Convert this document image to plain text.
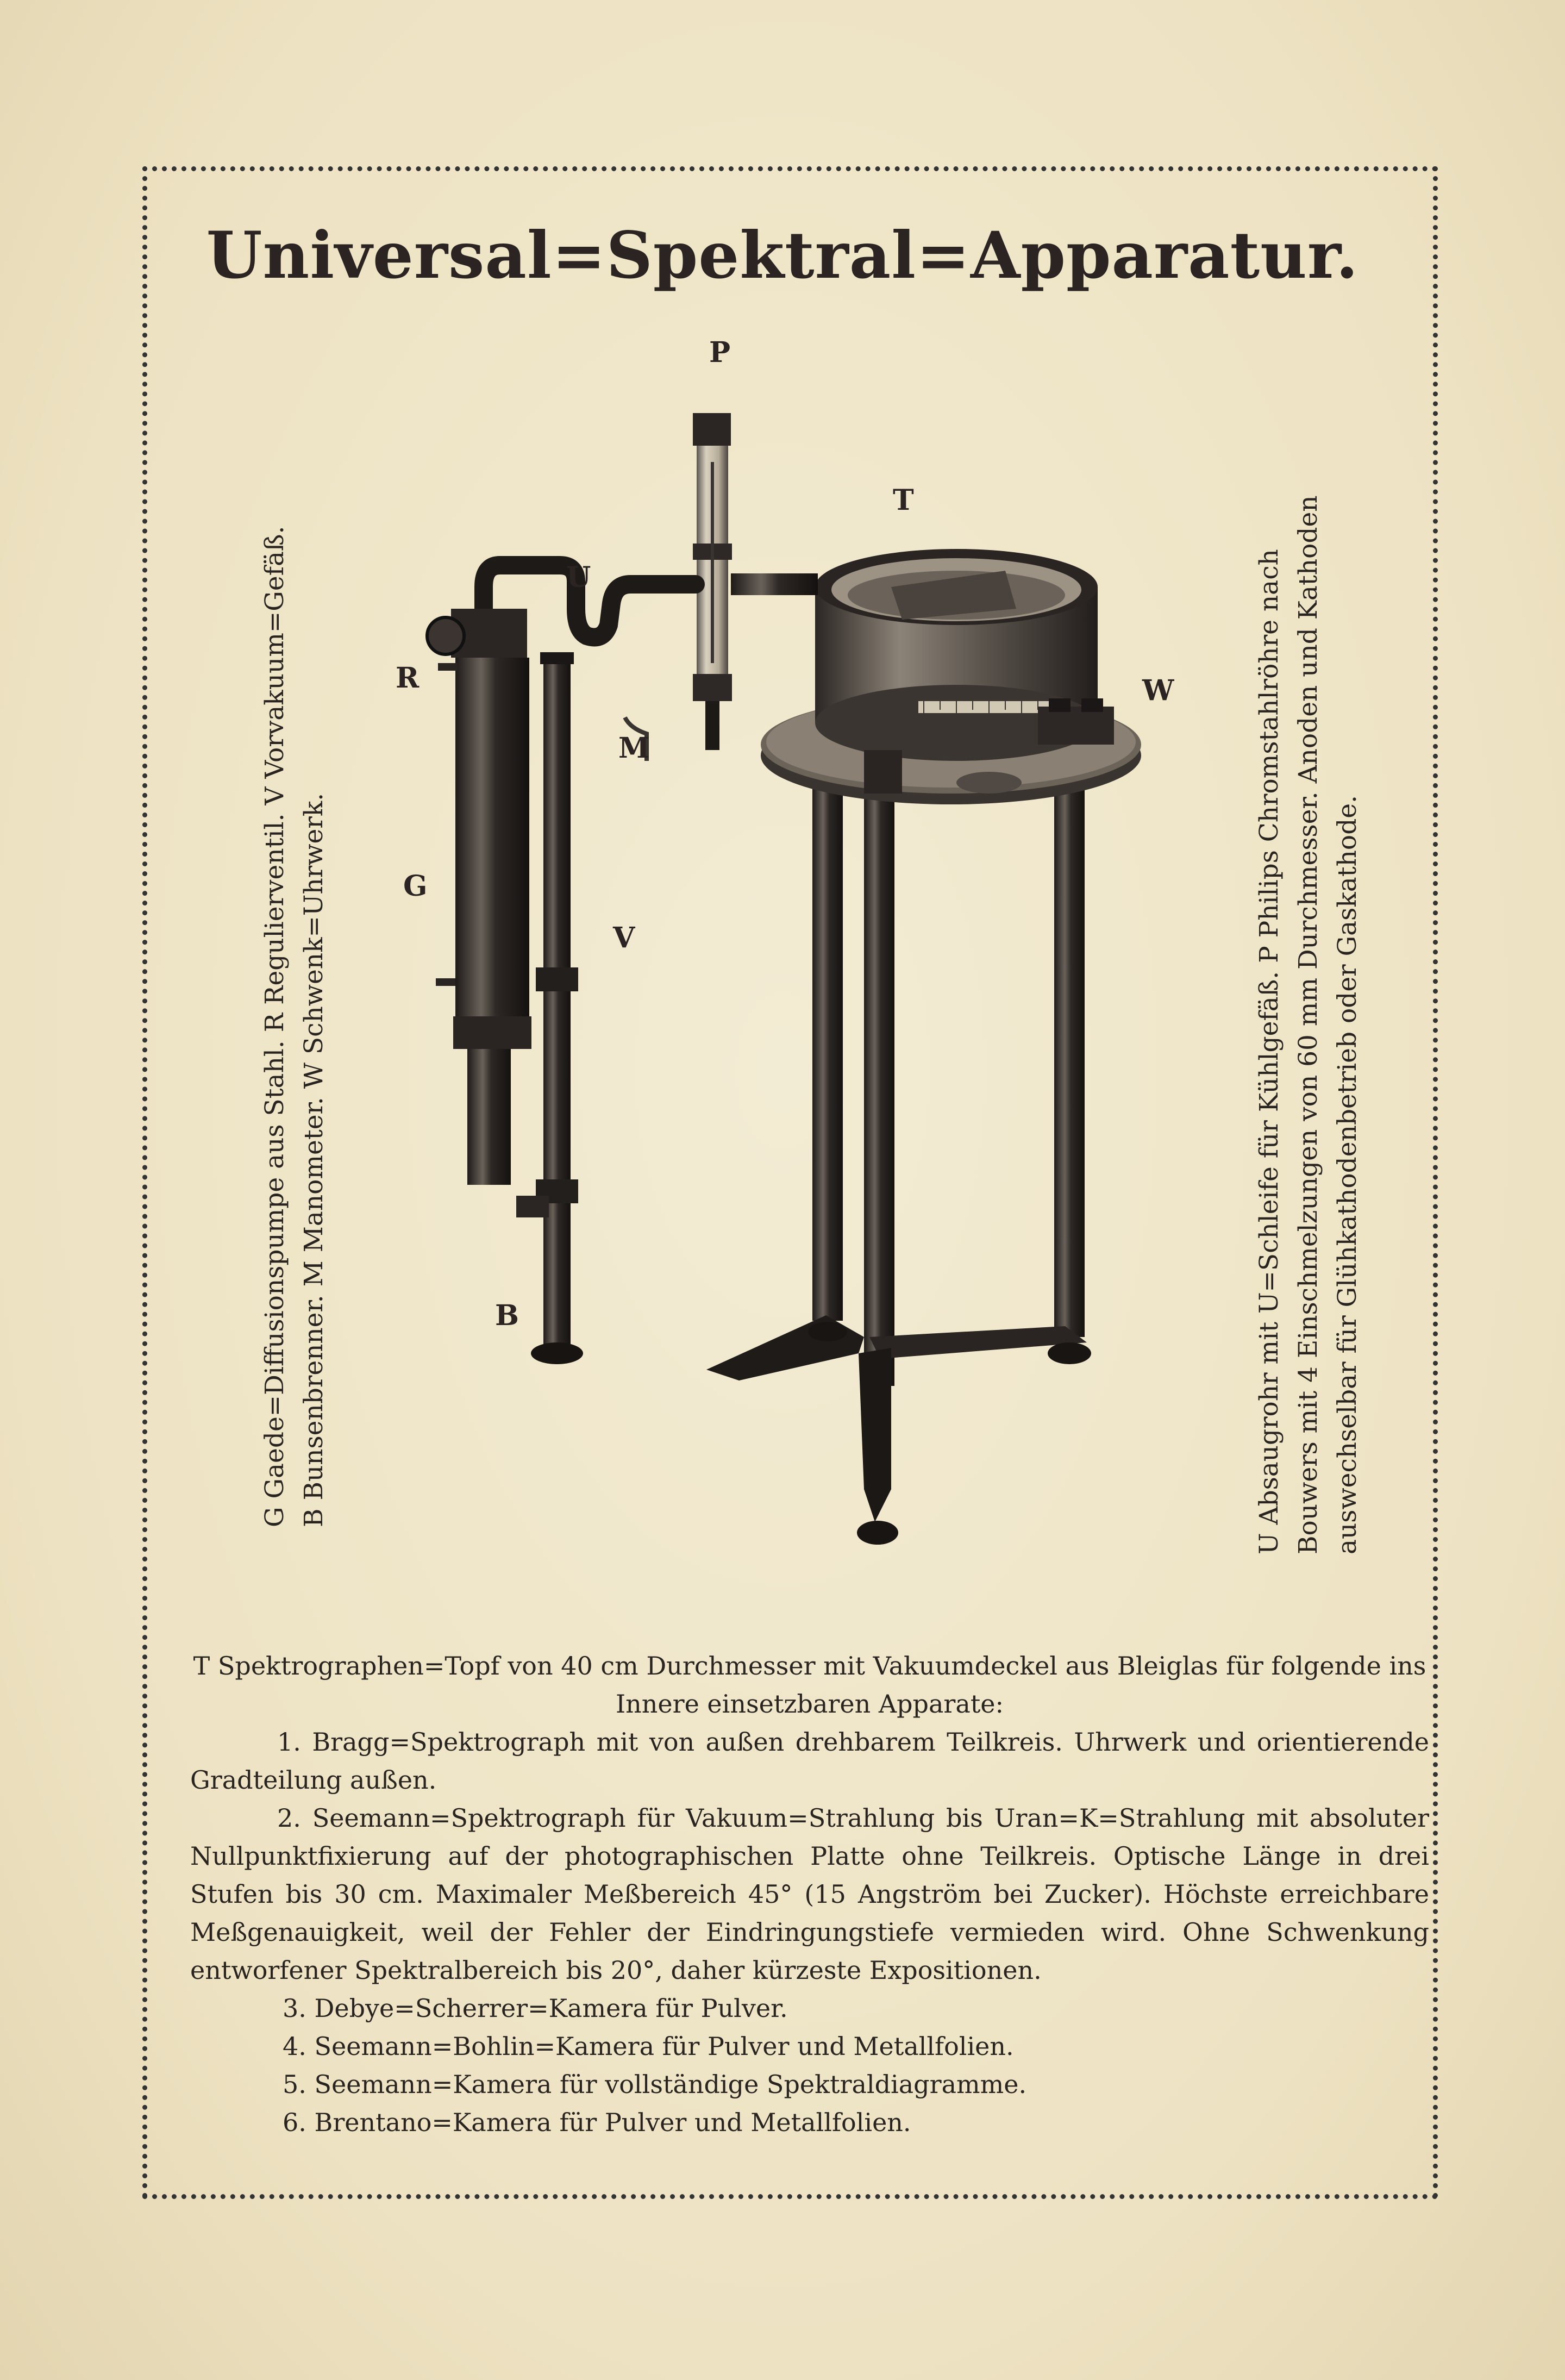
Universal=Spektral=Apparatur.
P
T
U
R
M
W
G
V
B
G Gaede=Diffusionspumpe aus Stahl. R Regulierventil. V Vorvakuum=Gefäß. B Bunsenbrenner. M Manometer. W Schwenk=Uhrwerk.	U Absaugrohr mit U=Schleife für Kühlgefäß. P Philips Chromstahlröhre nach Bouwers mit 4 Einschmelzungen von 60 mm Durchmesser. Anoden und Kathoden auswechselbar für Glühkathodenbetrieb oder Gaskathode.

T Spektrographen=Topf von 40 cm Durchmesser mit Vakuumdeckel aus Bleiglas für folgende ins Innere einsetzbaren Apparate:

1. Bragg=Spektrograph mit von außen drehbarem Teilkreis. Uhrwerk und orientierende Gradteilung außen.

2. Seemann=Spektrograph für Vakuum=Strahlung bis Uran=K=Strahlung mit absoluter Nullpunktfixierung auf der photographischen Platte ohne Teilkreis. Optische Länge in drei Stufen bis 30 cm. Maximaler Meßbereich 45° (15 Angström bei Zucker). Höchste erreichbare Meßgenauigkeit, weil der Fehler der Eindringungstiefe vermieden wird. Ohne Schwenkung entworfener Spektralbereich bis 20°, daher kürzeste Expositionen.

3. Debye=Scherrer=Kamera für Pulver.

4. Seemann=Bohlin=Kamera für Pulver und Metallfolien.

5. Seemann=Kamera für vollständige Spektraldiagramme.

6. Brentano=Kamera für Pulver und Metallfolien.
